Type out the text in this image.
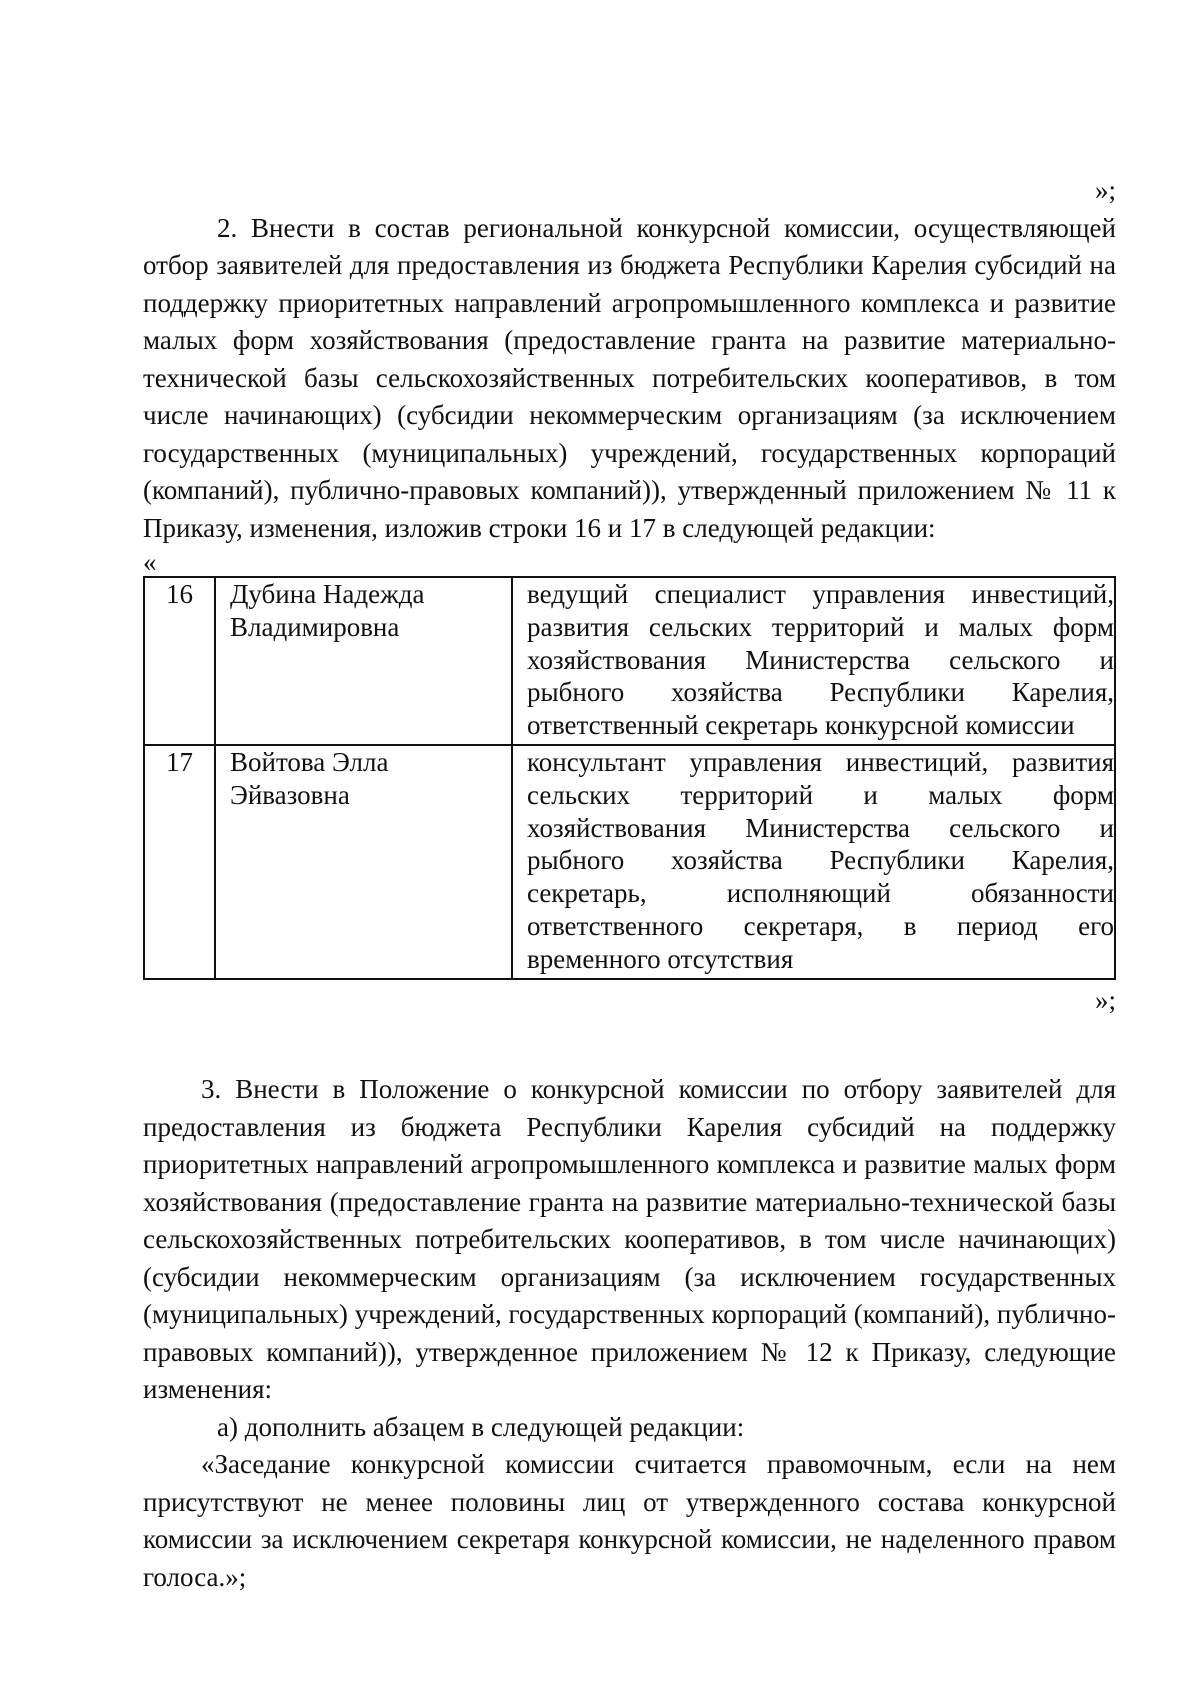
»;

2. Внести в состав региональной конкурсной комиссии, осуществляющей отбор заявителей для предоставления из бюджета Республики Карелия субсидий на поддержку приоритетных направлений агропромышленного комплекса и развитие малых форм хозяйствования (предоставление гранта на развитие материально-технической базы сельскохозяйственных потребительских кооперативов, в том числе начинающих) (субсидии некоммерческим организациям (за исключением государственных (муниципальных) учреждений, государственных корпораций (компаний), публично-правовых компаний)), утвержденный приложением № 11 к Приказу, изменения, изложив строки 16 и 17 в следующей редакции:

«
16	Дубина Надежда Владимировна	ведущий специалист управления инвестиций, развития сельских территорий и малых форм хозяйствования Министерства сельского и рыбного хозяйства Республики Карелия, ответственный секретарь конкурсной комиссии
17	Войтова Элла Эйвазовна	консультант управления инвестиций, развития сельских территорий и малых форм хозяйствования Министерства сельского и рыбного хозяйства Республики Карелия, секретарь, исполняющий обязанности ответственного секретаря, в период его временного отсутствия
»;

3. Внести в Положение о конкурсной комиссии по отбору заявителей для предоставления из бюджета Республики Карелия субсидий на поддержку приоритетных направлений агропромышленного комплекса и развитие малых форм хозяйствования (предоставление гранта на развитие материально-технической базы сельскохозяйственных потребительских кооперативов, в том числе начинающих) (субсидии некоммерческим организациям (за исключением государственных (муниципальных) учреждений, государственных корпораций (компаний), публично-правовых компаний)), утвержденное приложением № 12 к Приказу, следующие изменения:

а) дополнить абзацем в следующей редакции:

«Заседание конкурсной комиссии считается правомочным, если на нем присутствуют не менее половины лиц от утвержденного состава конкурсной комиссии за исключением секретаря конкурсной комиссии, не наделенного правом голоса.»;
